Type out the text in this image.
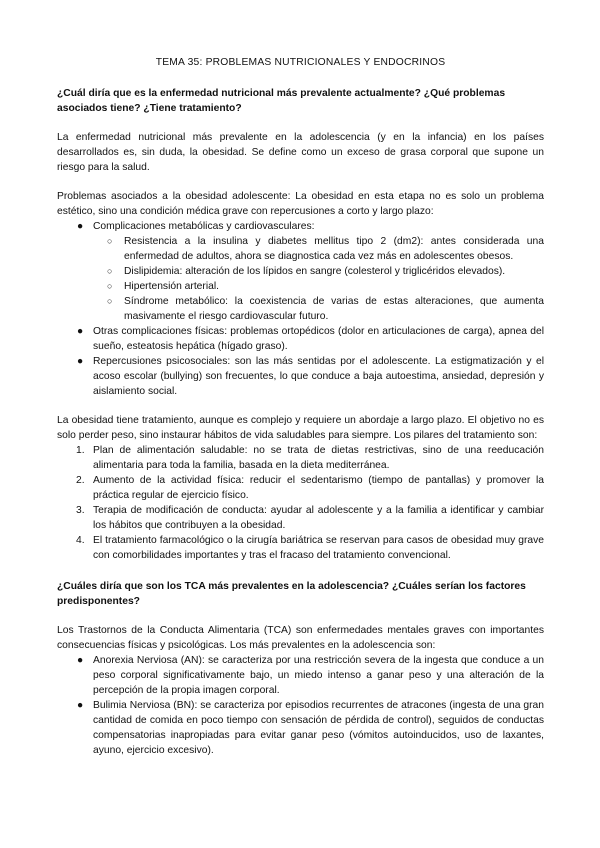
TEMA 35: PROBLEMAS NUTRICIONALES Y ENDOCRINOS
¿Cuál diría que es la enfermedad nutricional más prevalente actualmente? ¿Qué problemas asociados tiene? ¿Tiene tratamiento?

La enfermedad nutricional más prevalente en la adolescencia (y en la infancia) en los países desarrollados es, sin duda, la obesidad. Se define como un exceso de grasa corporal que supone un riesgo para la salud.

Problemas asociados a la obesidad adolescente: La obesidad en esta etapa no es solo un problema estético, sino una condición médica grave con repercusiones a corto y largo plazo:
● Complicaciones metabólicas y cardiovasculares:
○ Resistencia a la insulina y diabetes mellitus tipo 2 (dm2): antes considerada una enfermedad de adultos, ahora se diagnostica cada vez más en adolescentes obesos.
○ Dislipidemia: alteración de los lípidos en sangre (colesterol y triglicéridos elevados).
○ Hipertensión arterial.
○ Síndrome metabólico: la coexistencia de varias de estas alteraciones, que aumenta masivamente el riesgo cardiovascular futuro.
● Otras complicaciones físicas: problemas ortopédicos (dolor en articulaciones de carga), apnea del sueño, esteatosis hepática (hígado graso).
● Repercusiones psicosociales: son las más sentidas por el adolescente. La estigmatización y el acoso escolar (bullying) son frecuentes, lo que conduce a baja autoestima, ansiedad, depresión y aislamiento social.
La obesidad tiene tratamiento, aunque es complejo y requiere un abordaje a largo plazo. El objetivo no es solo perder peso, sino instaurar hábitos de vida saludables para siempre. Los pilares del tratamiento son:
1. Plan de alimentación saludable: no se trata de dietas restrictivas, sino de una reeducación alimentaria para toda la familia, basada en la dieta mediterránea.
2. Aumento de la actividad física: reducir el sedentarismo (tiempo de pantallas) y promover la práctica regular de ejercicio físico.
3. Terapia de modificación de conducta: ayudar al adolescente y a la familia a identificar y cambiar los hábitos que contribuyen a la obesidad.
4. El tratamiento farmacológico o la cirugía bariátrica se reservan para casos de obesidad muy grave con comorbilidades importantes y tras el fracaso del tratamiento convencional.
¿Cuáles diría que son los TCA más prevalentes en la adolescencia? ¿Cuáles serían los factores predisponentes?
Los Trastornos de la Conducta Alimentaria (TCA) son enfermedades mentales graves con importantes consecuencias físicas y psicológicas. Los más prevalentes en la adolescencia son:
● Anorexia Nerviosa (AN): se caracteriza por una restricción severa de la ingesta que conduce a un peso corporal significativamente bajo, un miedo intenso a ganar peso y una alteración de la percepción de la propia imagen corporal.
● Bulimia Nerviosa (BN): se caracteriza por episodios recurrentes de atracones (ingesta de una gran cantidad de comida en poco tiempo con sensación de pérdida de control), seguidos de conductas compensatorias inapropiadas para evitar ganar peso (vómitos autoinducidos, uso de laxantes, ayuno, ejercicio excesivo).
